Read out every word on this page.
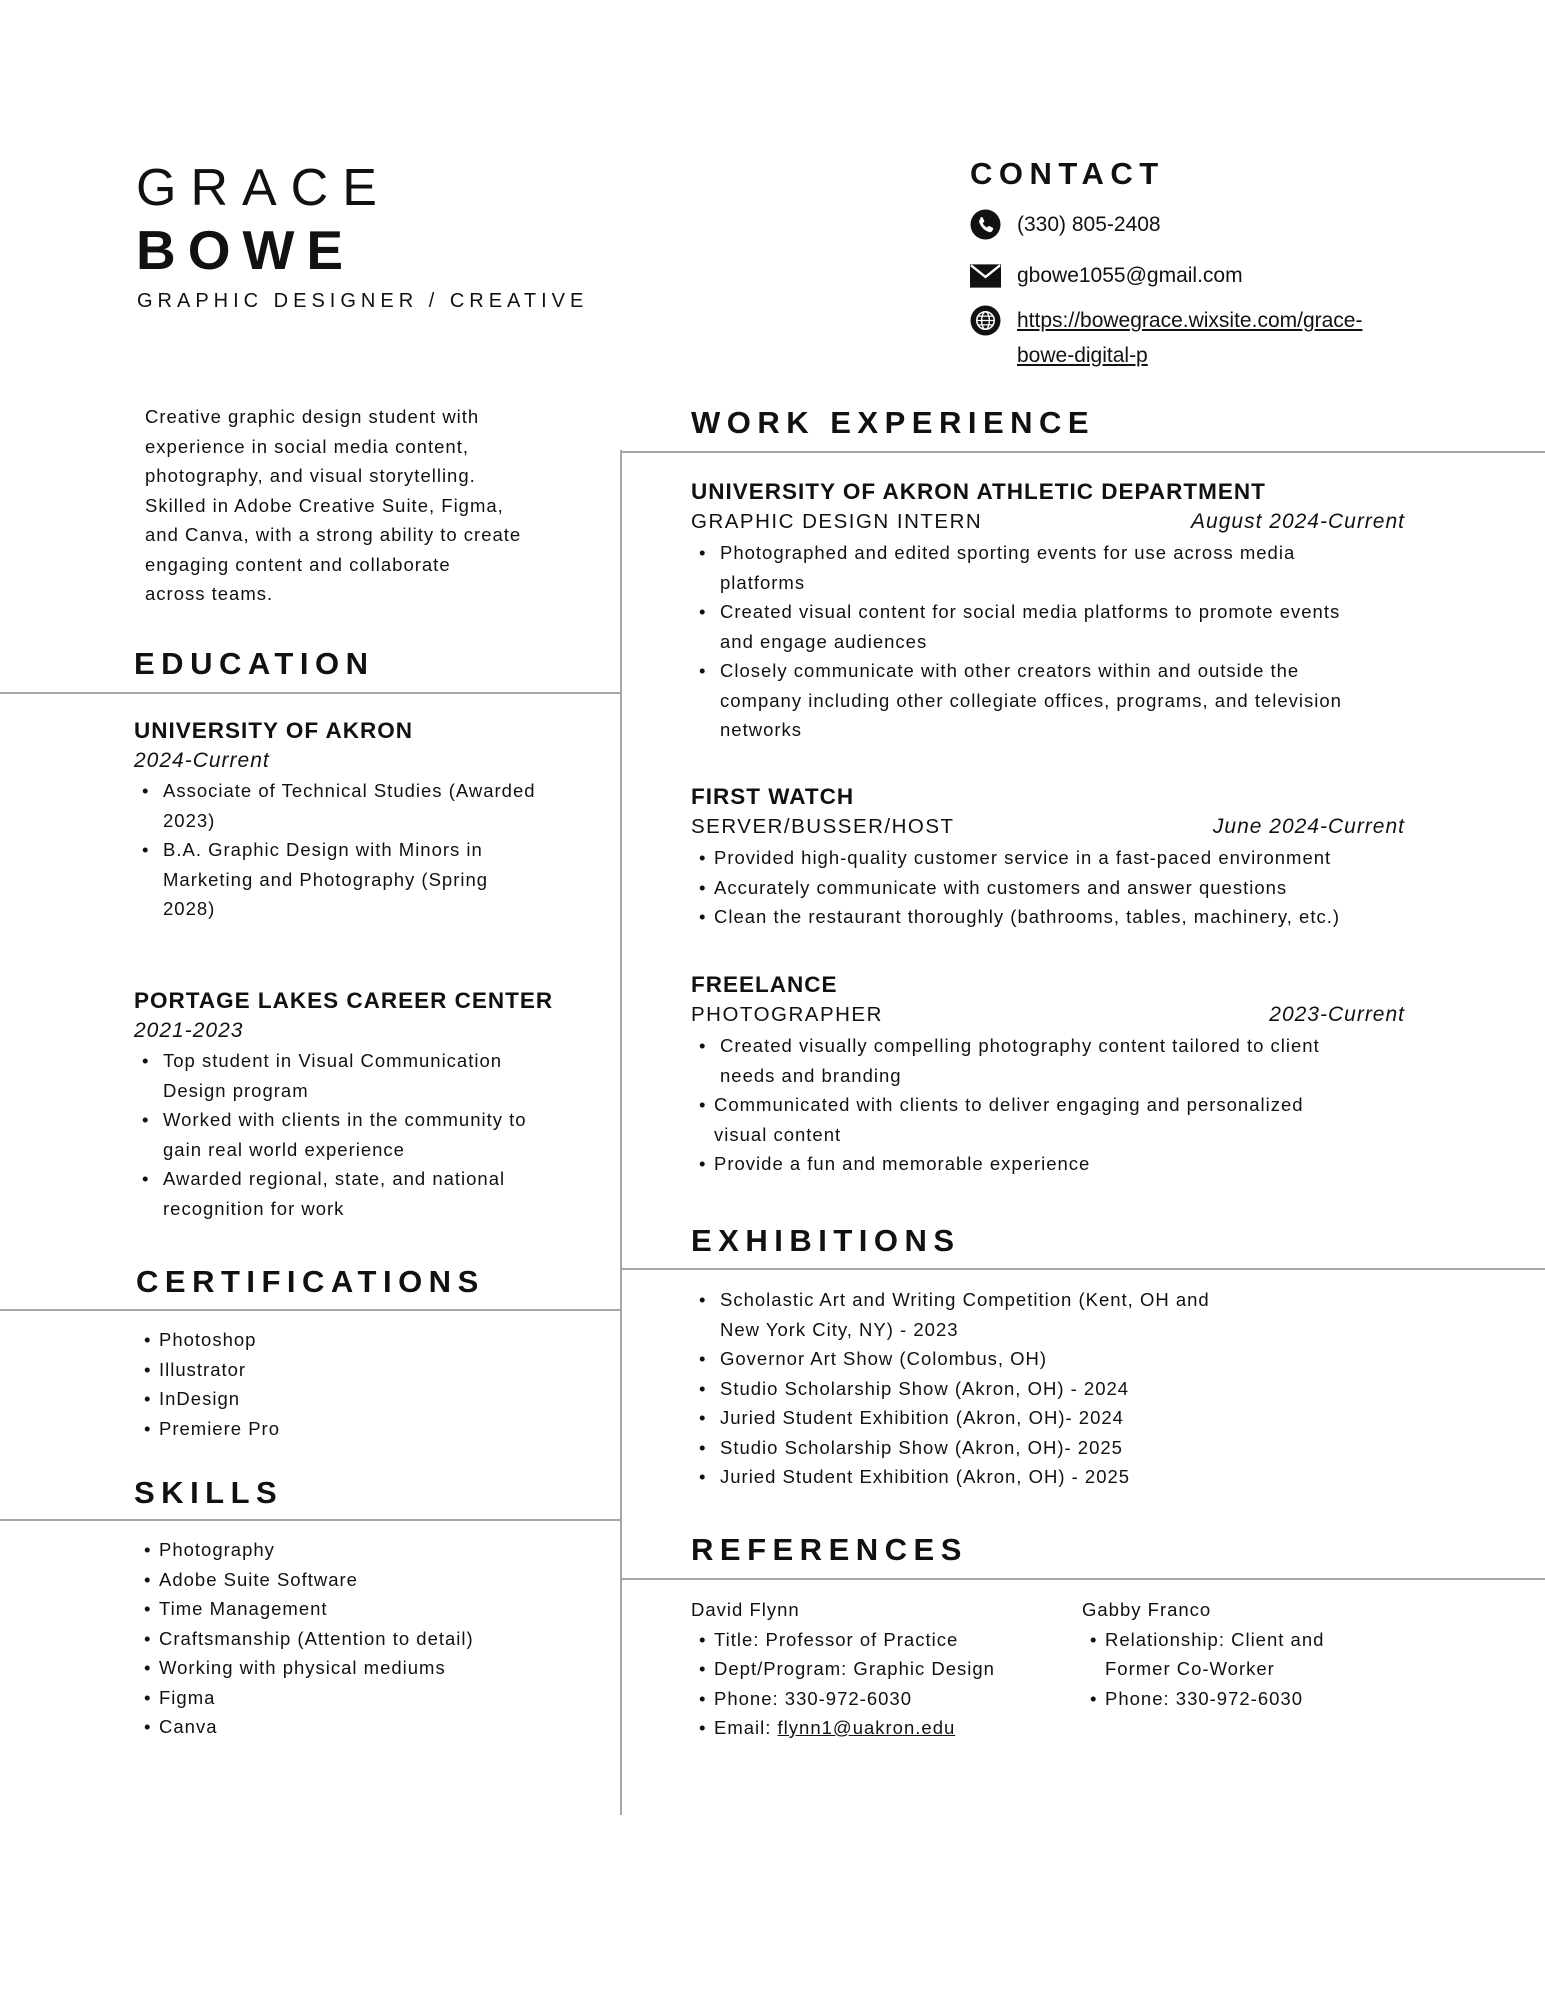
GRACE
BOWE
GRAPHIC DESIGNER / CREATIVE
CONTACT
(330) 805-2408
gbowe1055@gmail.com
https://bowegrace.wixsite.com/grace-
bowe-digital-p
Creative graphic design student with
experience in social media content,
photography, and visual storytelling.
Skilled in Adobe Creative Suite, Figma,
and Canva, with a strong ability to create
engaging content and collaborate
across teams.
EDUCATION
UNIVERSITY OF AKRON
2024-Current
• Associate of Technical Studies (Awarded
2023)
• B.A. Graphic Design with Minors in
Marketing and Photography (Spring
2028)
PORTAGE LAKES CAREER CENTER
2021-2023
• Top student in Visual Communication
Design program
• Worked with clients in the community to
gain real world experience
• Awarded regional, state, and national
recognition for work
CERTIFICATIONS
• Photoshop
• Illustrator
• InDesign
• Premiere Pro
SKILLS
• Photography
• Adobe Suite Software
• Time Management
• Craftsmanship (Attention to detail)
• Working with physical mediums
• Figma
• Canva
WORK EXPERIENCE
UNIVERSITY OF AKRON ATHLETIC DEPARTMENT
GRAPHIC DESIGN INTERN	August 2024-Current
• Photographed and edited sporting events for use across media
platforms
• Created visual content for social media platforms to promote events
and engage audiences
• Closely communicate with other creators within and outside the
company including other collegiate offices, programs, and television
networks
FIRST WATCH
SERVER/BUSSER/HOST	June 2024-Current
• Provided high-quality customer service in a fast-paced environment
• Accurately communicate with customers and answer questions
• Clean the restaurant thoroughly (bathrooms, tables, machinery, etc.)
FREELANCE
PHOTOGRAPHER	2023-Current
• Created visually compelling photography content tailored to client
needs and branding
• Communicated with clients to deliver engaging and personalized
visual content
• Provide a fun and memorable experience
EXHIBITIONS
• Scholastic Art and Writing Competition (Kent, OH and
New York City, NY) - 2023
• Governor Art Show (Colombus, OH)
• Studio Scholarship Show (Akron, OH) - 2024
• Juried Student Exhibition (Akron, OH)- 2024
• Studio Scholarship Show (Akron, OH)- 2025
• Juried Student Exhibition (Akron, OH) - 2025
REFERENCES
David Flynn
• Title: Professor of Practice
• Dept/Program: Graphic Design
• Phone: 330-972-6030
• Email: flynn1@uakron.edu
Gabby Franco
• Relationship: Client and
Former Co-Worker
• Phone: 330-972-6030
